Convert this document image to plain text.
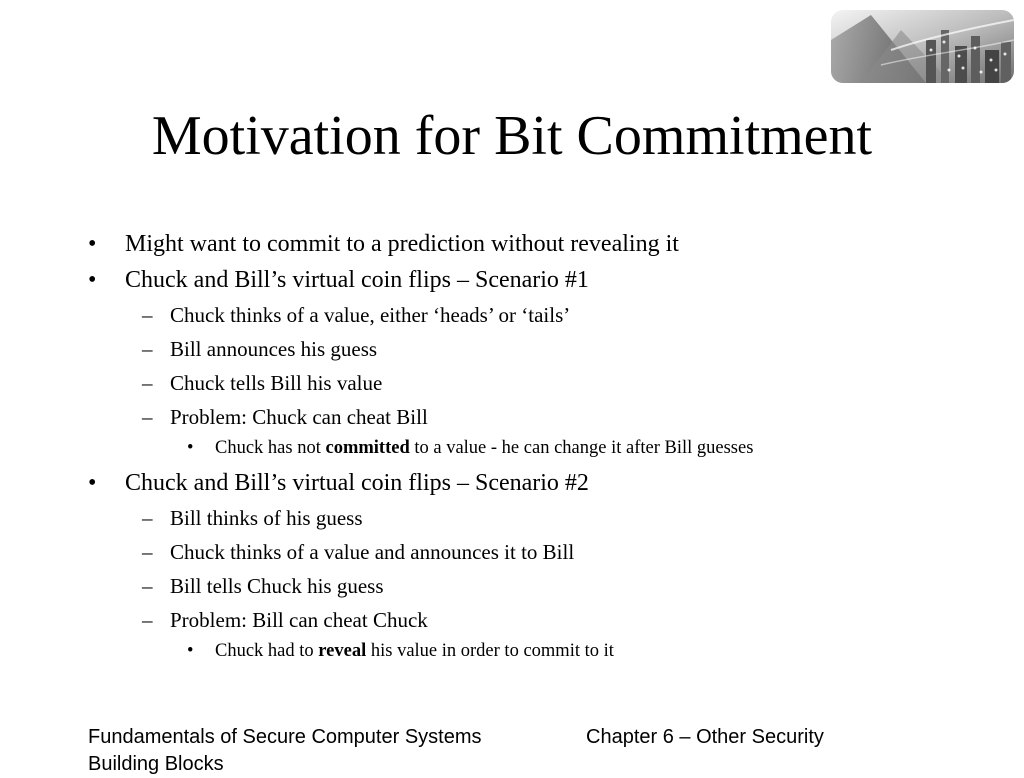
Motivation for Bit Commitment
• Might want to commit to a prediction without revealing it
• Chuck and Bill’s virtual coin flips – Scenario #1
– Chuck thinks of a value, either ‘heads’ or ‘tails’
– Bill announces his guess
– Chuck tells Bill his value
– Problem: Chuck can cheat Bill
• Chuck has not committed to a value - he can change it after Bill guesses
• Chuck and Bill’s virtual coin flips – Scenario #2
– Bill thinks of his guess
– Chuck thinks of a value and announces it to Bill
– Bill tells Chuck his guess
– Problem: Bill can cheat Chuck
• Chuck had to reveal his value in order to commit to it
Fundamentals of Secure Computer Systems
Building Blocks
Chapter 6 – Other Security
